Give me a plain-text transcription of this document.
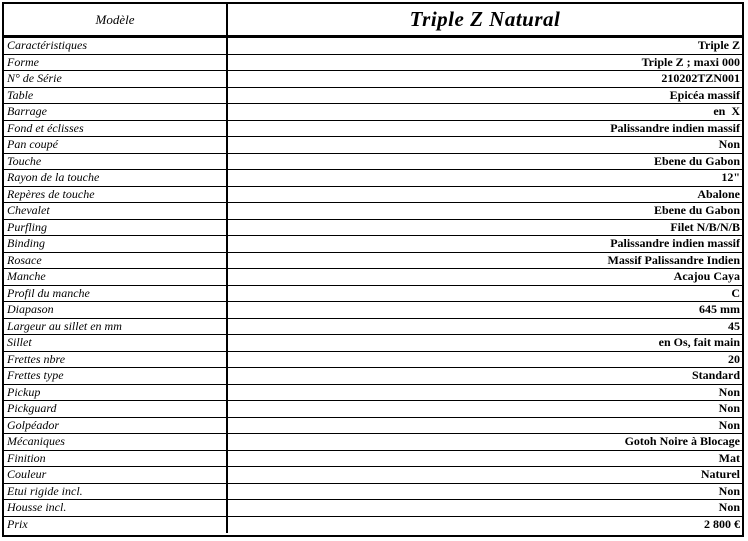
Modèle	Triple Z Natural
Caractéristiques	Triple Z
Forme	Triple Z ; maxi 000
N° de Série	210202TZN001
Table	Epicéa massif
Barrage	en  X
Fond et éclisses	Palissandre indien massif
Pan coupé	Non
Touche	Ebene du Gabon
Rayon de la touche	12"
Repères de touche	Abalone
Chevalet	Ebene du Gabon
Purfling	Filet N/B/N/B
Binding	Palissandre indien massif
Rosace	Massif Palissandre Indien
Manche	Acajou Caya
Profil du manche	C
Diapason	645 mm
Largeur au sillet en mm	45
Sillet	en Os, fait main
Frettes nbre	20
Frettes type	Standard
Pickup	Non
Pickguard	Non
Golpéador	Non
Mécaniques	Gotoh Noire à Blocage
Finition	Mat
Couleur	Naturel
Etui rigide incl.	Non
Housse incl.	Non
Prix	2 800 €
